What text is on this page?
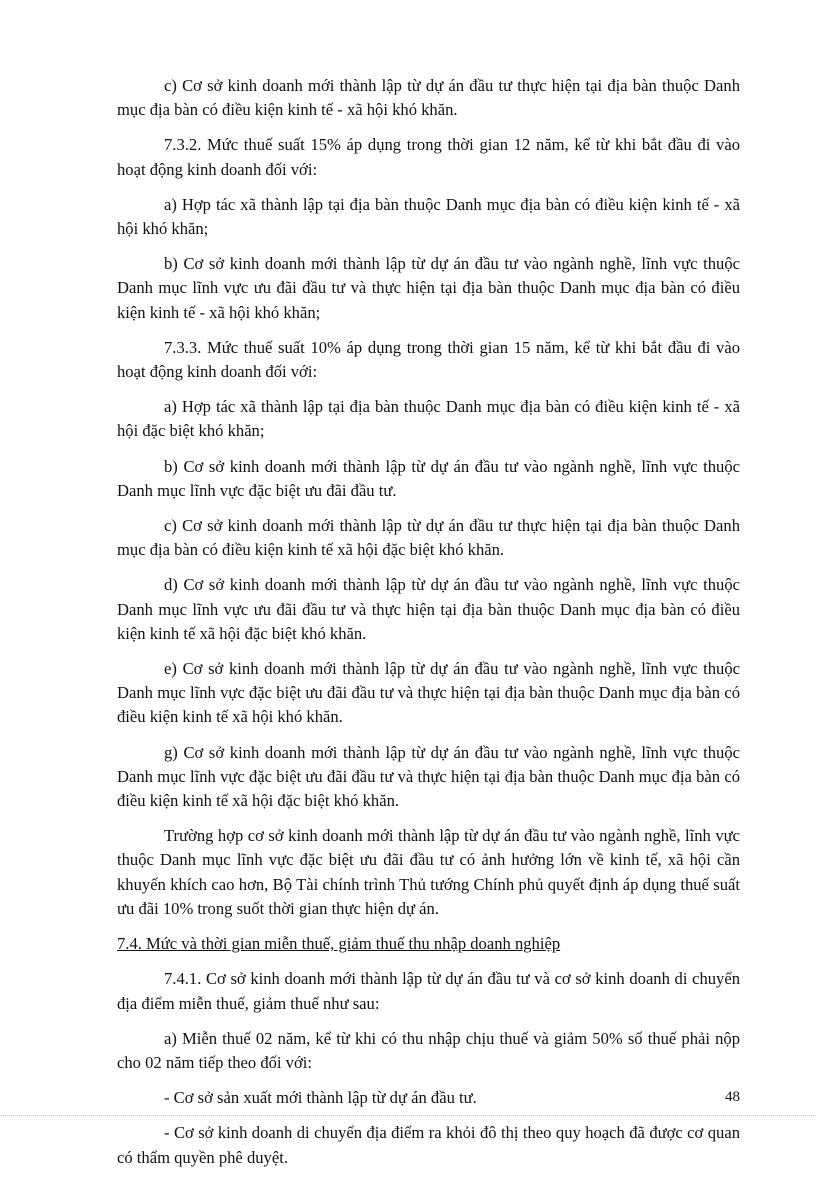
c) Cơ sở kinh doanh mới thành lập từ dự án đầu tư thực hiện tại địa bàn thuộc Danh mục địa bàn có điều kiện kinh tế - xã hội khó khăn.

7.3.2. Mức thuế suất 15% áp dụng trong thời gian 12 năm, kể từ khi bắt đầu đi vào hoạt động kinh doanh đối với:

a) Hợp tác xã thành lập tại địa bàn thuộc Danh mục địa bàn có điều kiện kinh tế - xã hội khó khăn;

b) Cơ sở kinh doanh mới thành lập từ dự án đầu tư vào ngành nghề, lĩnh vực thuộc Danh mục lĩnh vực ưu đãi đầu tư và thực hiện tại địa bàn thuộc Danh mục địa bàn có điều kiện kinh tế - xã hội khó khăn;

7.3.3. Mức thuế suất 10% áp dụng trong thời gian 15 năm, kể từ khi bắt đầu đi vào hoạt động kinh doanh đối với:

a) Hợp tác xã thành lập tại địa bàn thuộc Danh mục địa bàn có điều kiện kinh tế - xã hội đặc biệt khó khăn;

b) Cơ sở kinh doanh mới thành lập từ dự án đầu tư vào ngành nghề, lĩnh vực thuộc Danh mục lĩnh vực đặc biệt ưu đãi đầu tư.

c) Cơ sở kinh doanh mới thành lập từ dự án đầu tư thực hiện tại địa bàn thuộc Danh mục địa bàn có điều kiện kinh tế xã hội đặc biệt khó khăn.

d) Cơ sở kinh doanh mới thành lập từ dự án đầu tư vào ngành nghề, lĩnh vực thuộc Danh mục lĩnh vực ưu đãi đầu tư và thực hiện tại địa bàn thuộc Danh mục địa bàn có điều kiện kinh tế xã hội đặc biệt khó khăn.

e) Cơ sở kinh doanh mới thành lập từ dự án đầu tư vào ngành nghề, lĩnh vực thuộc Danh mục lĩnh vực đặc biệt ưu đãi đầu tư và thực hiện tại địa bàn thuộc Danh mục địa bàn có điều kiện kinh tế xã hội khó khăn.

g) Cơ sở kinh doanh mới thành lập từ dự án đầu tư vào ngành nghề, lĩnh vực thuộc Danh mục lĩnh vực đặc biệt ưu đãi đầu tư và thực hiện tại địa bàn thuộc Danh mục địa bàn có điều kiện kinh tế xã hội đặc biệt khó khăn.

Trường hợp cơ sở kinh doanh mới thành lập từ dự án đầu tư vào ngành nghề, lĩnh vực thuộc Danh mục lĩnh vực đặc biệt ưu đãi đầu tư có ảnh hưởng lớn về kinh tế, xã hội cần khuyến khích cao hơn, Bộ Tài chính trình Thủ tướng Chính phủ quyết định áp dụng thuế suất ưu đãi 10% trong suốt thời gian thực hiện dự án.

7.4. Mức và thời gian miễn thuế, giảm thuế thu nhập doanh nghiệp

7.4.1. Cơ sở kinh doanh mới thành lập từ dự án đầu tư và cơ sở kinh doanh di chuyển địa điểm miễn thuế, giảm thuế như sau:

a) Miễn thuế 02 năm, kể từ khi có thu nhập chịu thuế và giảm 50% số thuế phải nộp cho 02 năm tiếp theo đối với:

- Cơ sở sản xuất mới thành lập từ dự án đầu tư.

- Cơ sở kinh doanh di chuyển địa điểm ra khỏi đô thị theo quy hoạch đã được cơ quan có thẩm quyền phê duyệt.

48
